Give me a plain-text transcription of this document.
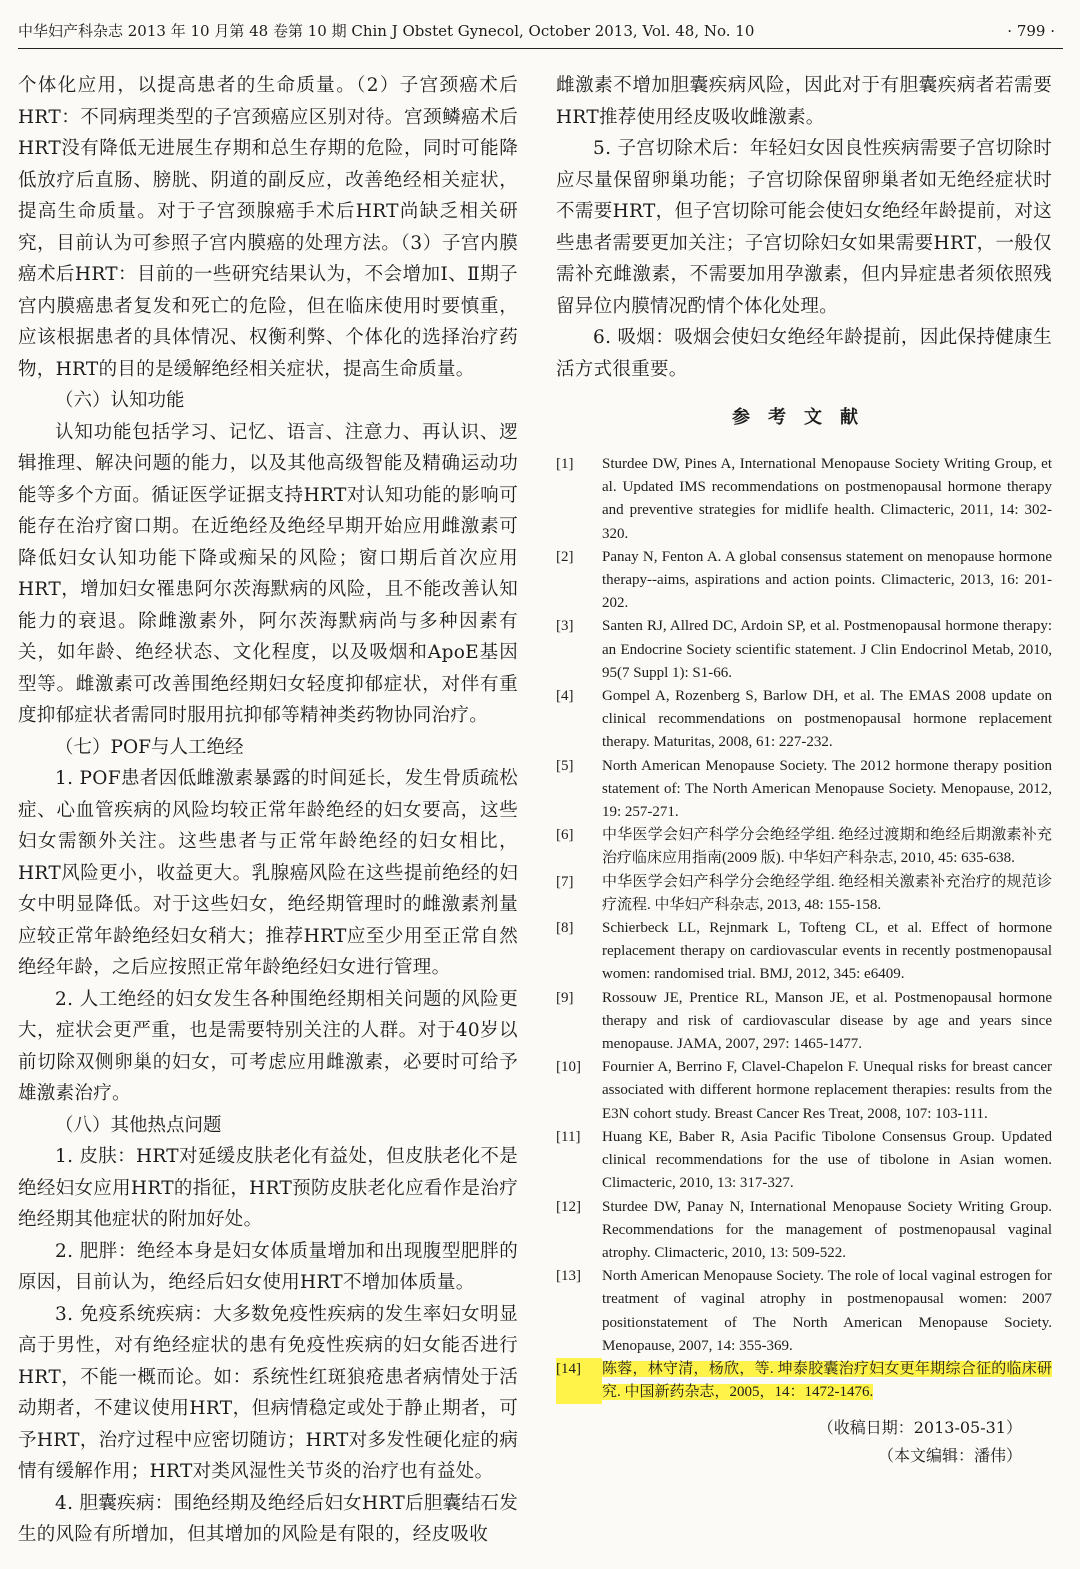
中华妇产科杂志 2013 年 10 月第 48 卷第 10 期 Chin J Obstet Gynecol, October 2013, Vol. 48, No. 10	· 799 ·

个体化应用，以提高患者的生命质量。（2）子宫颈癌术后HRT：不同病理类型的子宫颈癌应区别对待。宫颈鳞癌术后HRT没有降低无进展生存期和总生存期的危险，同时可能降低放疗后直肠、膀胱、阴道的副反应，改善绝经相关症状，提高生命质量。对于子宫颈腺癌手术后HRT尚缺乏相关研究，目前认为可参照子宫内膜癌的处理方法。（3）子宫内膜癌术后HRT：目前的一些研究结果认为，不会增加Ⅰ、Ⅱ期子宫内膜癌患者复发和死亡的危险，但在临床使用时要慎重，应该根据患者的具体情况、权衡利弊、个体化的选择治疗药物，HRT的目的是缓解绝经相关症状，提高生命质量。

（六）认知功能

认知功能包括学习、记忆、语言、注意力、再认识、逻辑推理、解决问题的能力，以及其他高级智能及精确运动功能等多个方面。循证医学证据支持HRT对认知功能的影响可能存在治疗窗口期。在近绝经及绝经早期开始应用雌激素可降低妇女认知功能下降或痴呆的风险；窗口期后首次应用HRT，增加妇女罹患阿尔茨海默病的风险，且不能改善认知能力的衰退。除雌激素外，阿尔茨海默病尚与多种因素有关，如年龄、绝经状态、文化程度，以及吸烟和ApoE基因型等。雌激素可改善围绝经期妇女轻度抑郁症状，对伴有重度抑郁症状者需同时服用抗抑郁等精神类药物协同治疗。

（七）POF与人工绝经

1. POF患者因低雌激素暴露的时间延长，发生骨质疏松症、心血管疾病的风险均较正常年龄绝经的妇女要高，这些妇女需额外关注。这些患者与正常年龄绝经的妇女相比，HRT风险更小，收益更大。乳腺癌风险在这些提前绝经的妇女中明显降低。对于这些妇女，绝经期管理时的雌激素剂量应较正常年龄绝经妇女稍大；推荐HRT应至少用至正常自然绝经年龄，之后应按照正常年龄绝经妇女进行管理。

2. 人工绝经的妇女发生各种围绝经期相关问题的风险更大，症状会更严重，也是需要特别关注的人群。对于40岁以前切除双侧卵巢的妇女，可考虑应用雌激素，必要时可给予雄激素治疗。

（八）其他热点问题

1. 皮肤：HRT对延缓皮肤老化有益处，但皮肤老化不是绝经妇女应用HRT的指征，HRT预防皮肤老化应看作是治疗绝经期其他症状的附加好处。

2. 肥胖：绝经本身是妇女体质量增加和出现腹型肥胖的原因，目前认为，绝经后妇女使用HRT不增加体质量。

3. 免疫系统疾病：大多数免疫性疾病的发生率妇女明显高于男性，对有绝经症状的患有免疫性疾病的妇女能否进行HRT，不能一概而论。如：系统性红斑狼疮患者病情处于活动期者，不建议使用HRT，但病情稳定或处于静止期者，可予HRT，治疗过程中应密切随访；HRT对多发性硬化症的病情有缓解作用；HRT对类风湿性关节炎的治疗也有益处。

4. 胆囊疾病：围绝经期及绝经后妇女HRT后胆囊结石发生的风险有所增加，但其增加的风险是有限的，经皮吸收

雌激素不增加胆囊疾病风险，因此对于有胆囊疾病者若需要HRT推荐使用经皮吸收雌激素。

5. 子宫切除术后：年轻妇女因良性疾病需要子宫切除时应尽量保留卵巢功能；子宫切除保留卵巢者如无绝经症状时不需要HRT，但子宫切除可能会使妇女绝经年龄提前，对这些患者需要更加关注；子宫切除妇女如果需要HRT，一般仅需补充雌激素，不需要加用孕激素，但内异症患者须依照残留异位内膜情况酌情个体化处理。

6. 吸烟：吸烟会使妇女绝经年龄提前，因此保持健康生活方式很重要。

参考文献
[1]	Sturdee DW, Pines A, International Menopause Society Writing Group, et al. Updated IMS recommendations on postmenopausal hormone therapy and preventive strategies for midlife health. Climacteric, 2011, 14: 302-320.
[2]	Panay N, Fenton A. A global consensus statement on menopause hormone therapy--aims, aspirations and action points. Climacteric, 2013, 16: 201-202.
[3]	Santen RJ, Allred DC, Ardoin SP, et al. Postmenopausal hormone therapy: an Endocrine Society scientific statement. J Clin Endocrinol Metab, 2010, 95(7 Suppl 1): S1-66.
[4]	Gompel A, Rozenberg S, Barlow DH, et al. The EMAS 2008 update on clinical recommendations on postmenopausal hormone replacement therapy. Maturitas, 2008, 61: 227-232.
[5]	North American Menopause Society. The 2012 hormone therapy position statement of: The North American Menopause Society. Menopause, 2012, 19: 257-271.
[6]	中华医学会妇产科学分会绝经学组. 绝经过渡期和绝经后期激素补充治疗临床应用指南(2009 版). 中华妇产科杂志, 2010, 45: 635-638.
[7]	中华医学会妇产科学分会绝经学组. 绝经相关激素补充治疗的规范诊疗流程. 中华妇产科杂志, 2013, 48: 155-158.
[8]	Schierbeck LL, Rejnmark L, Tofteng CL, et al. Effect of hormone replacement therapy on cardiovascular events in recently postmenopausal women: randomised trial. BMJ, 2012, 345: e6409.
[9]	Rossouw JE, Prentice RL, Manson JE, et al. Postmenopausal hormone therapy and risk of cardiovascular disease by age and years since menopause. JAMA, 2007, 297: 1465-1477.
[10]	Fournier A, Berrino F, Clavel-Chapelon F. Unequal risks for breast cancer associated with different hormone replacement therapies: results from the E3N cohort study. Breast Cancer Res Treat, 2008, 107: 103-111.
[11]	Huang KE, Baber R, Asia Pacific Tibolone Consensus Group. Updated clinical recommendations for the use of tibolone in Asian women. Climacteric, 2010, 13: 317-327.
[12]	Sturdee DW, Panay N, International Menopause Society Writing Group. Recommendations for the management of postmenopausal vaginal atrophy. Climacteric, 2010, 13: 509-522.
[13]	North American Menopause Society. The role of local vaginal estrogen for treatment of vaginal atrophy in postmenopausal women: 2007 positionstatement of The North American Menopause Society. Menopause, 2007, 14: 355-369.
[14]	陈蓉，林守清，杨欣，等. 坤泰胶囊治疗妇女更年期综合征的临床研究. 中国新药杂志，2005，14：1472-1476.
（收稿日期：2013-05-31）
（本文编辑：潘伟）
